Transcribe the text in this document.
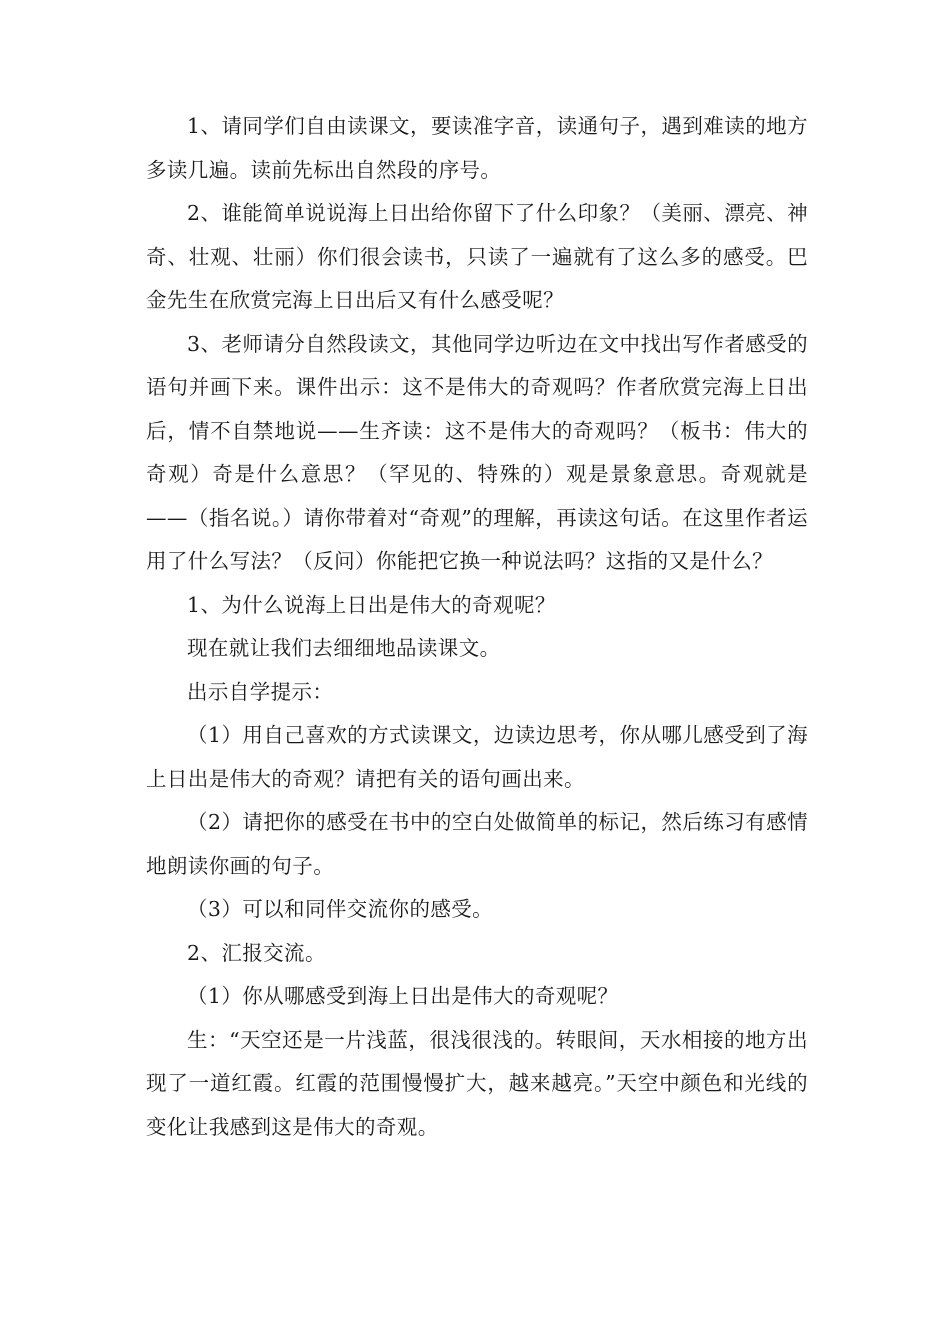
1、请同学们自由读课文，要读准字音，读通句子，遇到难读的地方多读几遍。读前先标出自然段的序号。

2、谁能简单说说海上日出给你留下了什么印象？（美丽、漂亮、神奇、壮观、壮丽）你们很会读书，只读了一遍就有了这么多的感受。巴金先生在欣赏完海上日出后又有什么感受呢？

3、老师请分自然段读文，其他同学边听边在文中找出写作者感受的语句并画下来。课件出示：这不是伟大的奇观吗？作者欣赏完海上日出后，情不自禁地说——生齐读：这不是伟大的奇观吗？（板书：伟大的奇观）奇是什么意思？（罕见的、特殊的）观是景象意思。奇观就是——（指名说。）请你带着对“奇观”的理解，再读这句话。在这里作者运用了什么写法？（反问）你能把它换一种说法吗？这指的又是什么？

1、为什么说海上日出是伟大的奇观呢？

现在就让我们去细细地品读课文。

出示自学提示：

（1）用自己喜欢的方式读课文，边读边思考，你从哪儿感受到了海上日出是伟大的奇观？请把有关的语句画出来。

（2）请把你的感受在书中的空白处做简单的标记，然后练习有感情地朗读你画的句子。

（3）可以和同伴交流你的感受。

2、汇报交流。

（1）你从哪感受到海上日出是伟大的奇观呢？

生：“天空还是一片浅蓝，很浅很浅的。转眼间，天水相接的地方出现了一道红霞。红霞的范围慢慢扩大，越来越亮。”天空中颜色和光线的变化让我感到这是伟大的奇观。
